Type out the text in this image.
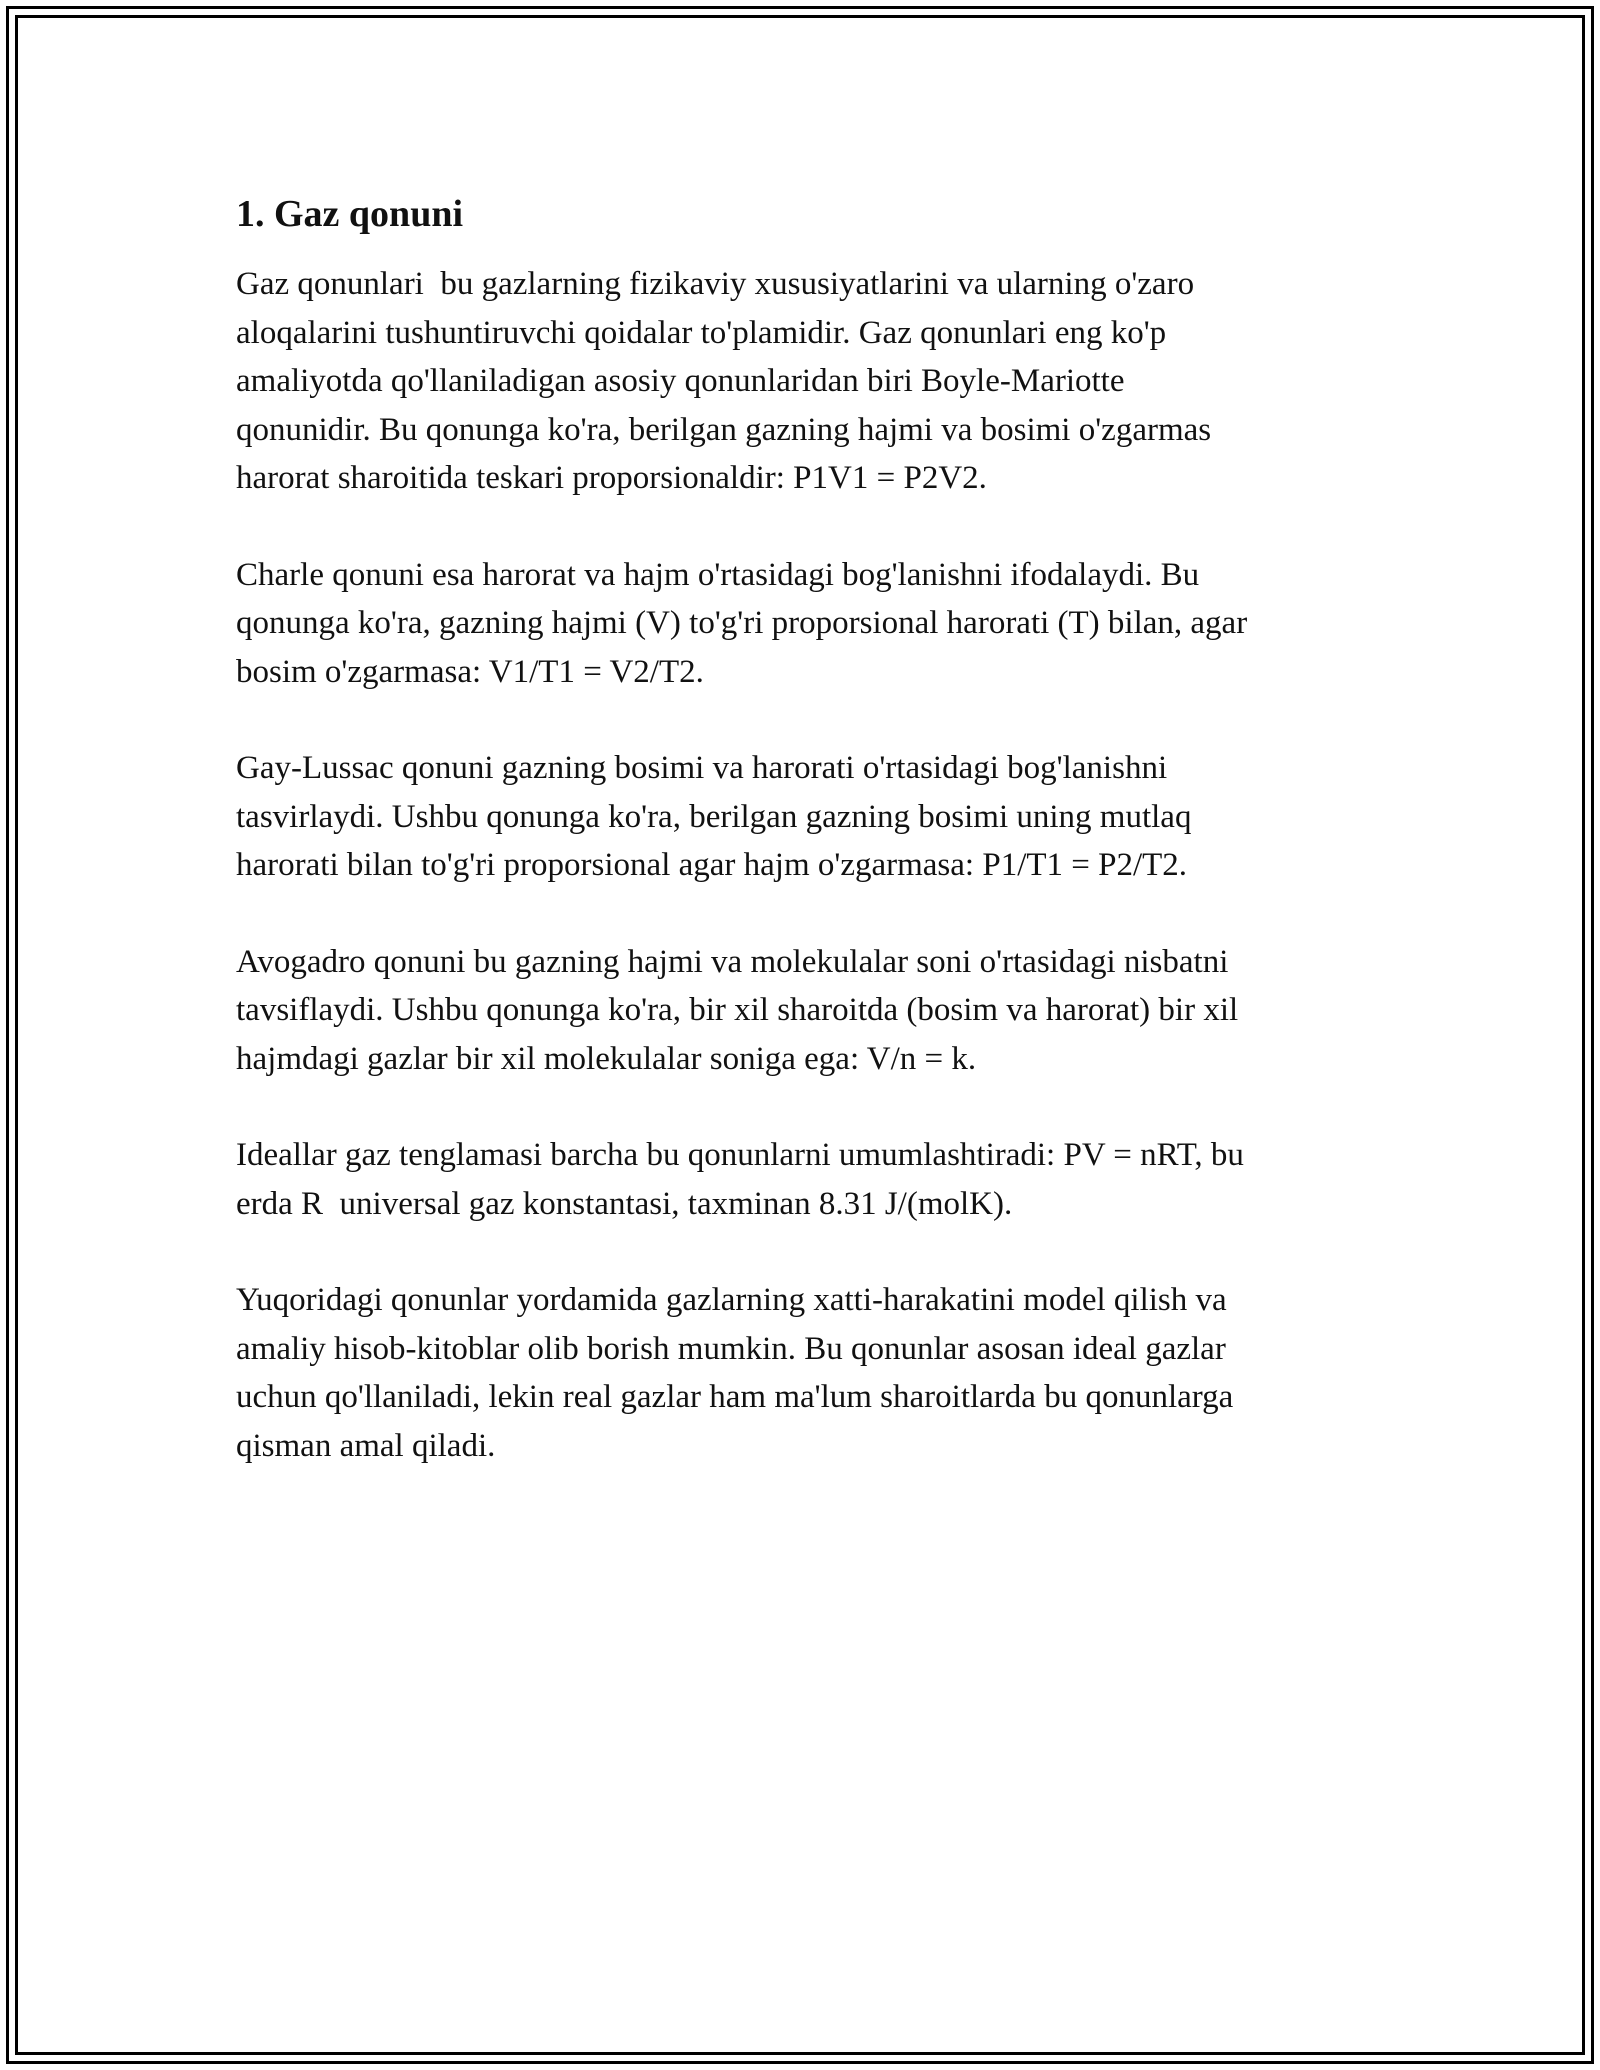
1. Gaz qonuni

Gaz qonunlari  bu gazlarning fizikaviy xususiyatlarini va ularning o'zaro
aloqalarini tushuntiruvchi qoidalar to'plamidir. Gaz qonunlari eng ko'p
amaliyotda qo'llaniladigan asosiy qonunlaridan biri Boyle-Mariotte
qonunidir. Bu qonunga ko'ra, berilgan gazning hajmi va bosimi o'zgarmas
harorat sharoitida teskari proporsionaldir: P1V1 = P2V2.

Charle qonuni esa harorat va hajm o'rtasidagi bog'lanishni ifodalaydi. Bu
qonunga ko'ra, gazning hajmi (V) to'g'ri proporsional harorati (T) bilan, agar
bosim o'zgarmasa: V1/T1 = V2/T2.

Gay-Lussac qonuni gazning bosimi va harorati o'rtasidagi bog'lanishni
tasvirlaydi. Ushbu qonunga ko'ra, berilgan gazning bosimi uning mutlaq
harorati bilan to'g'ri proporsional agar hajm o'zgarmasa: P1/T1 = P2/T2.

Avogadro qonuni bu gazning hajmi va molekulalar soni o'rtasidagi nisbatni
tavsiflaydi. Ushbu qonunga ko'ra, bir xil sharoitda (bosim va harorat) bir xil
hajmdagi gazlar bir xil molekulalar soniga ega: V/n = k.

Ideallar gaz tenglamasi barcha bu qonunlarni umumlashtiradi: PV = nRT, bu
erda R  universal gaz konstantasi, taxminan 8.31 J/(molK).

Yuqoridagi qonunlar yordamida gazlarning xatti-harakatini model qilish va
amaliy hisob-kitoblar olib borish mumkin. Bu qonunlar asosan ideal gazlar
uchun qo'llaniladi, lekin real gazlar ham ma'lum sharoitlarda bu qonunlarga
qisman amal qiladi.
